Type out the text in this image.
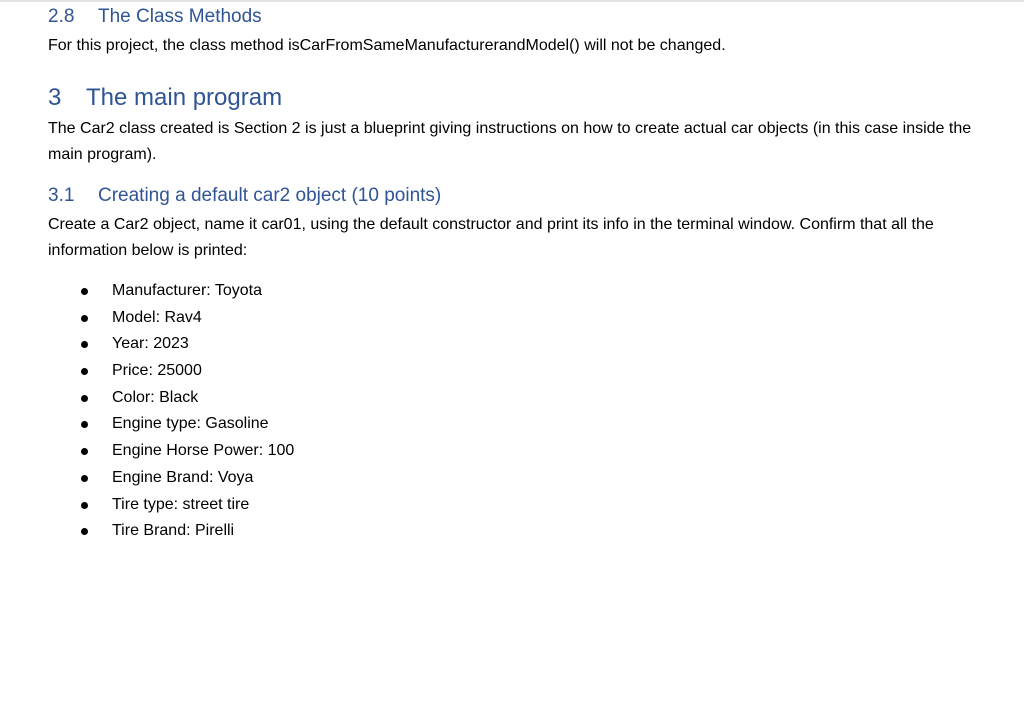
2.8 The Class Methods
For this project, the class method isCarFromSameManufacturerandModel() will not be changed.
3 The main program
The Car2 class created is Section 2 is just a blueprint giving instructions on how to create actual car objects (in this case inside the main program).
3.1 Creating a default car2 object (10 points)
Create a Car2 object, name it car01, using the default constructor and print its info in the terminal window. Confirm that all the information below is printed:
Manufacturer: Toyota
Model: Rav4
Year: 2023
Price: 25000
Color: Black
Engine type: Gasoline
Engine Horse Power: 100
Engine Brand: Voya
Tire type: street tire
Tire Brand: Pirelli
